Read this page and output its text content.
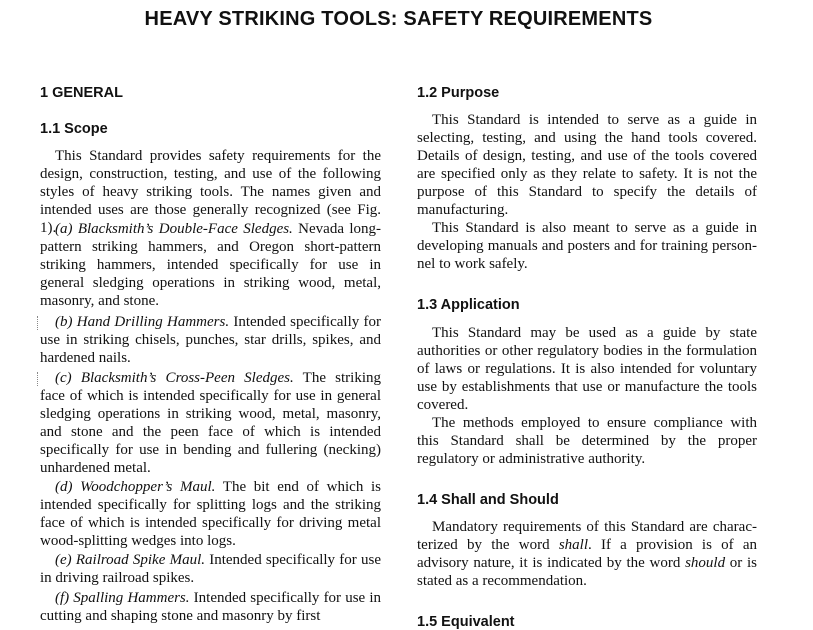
HEAVY STRIKING TOOLS: SAFETY REQUIREMENTS
1 GENERAL
1.1 Scope

This Standard provides safety requirements for the design, construction, testing, and use of the following styles of heavy striking tools. The names given and intended uses are those generally recognized (see Fig. 1).

(a) Blacksmith’s Double-Face Sledges. Nevada long-pattern striking hammers, and Oregon short-pattern striking hammers, intended specifically for use in general sledging operations in striking wood, metal, masonry, and stone.

(b) Hand Drilling Hammers. Intended specifically for use in striking chisels, punches, star drills, spikes, and hardened nails.

(c) Blacksmith’s Cross-Peen Sledges. The striking face of which is intended specifically for use in general sledging operations in striking wood, metal, masonry, and stone and the peen face of which is intended specifically for use in bending and fullering (necking) unhardened metal.

(d) Woodchopper’s Maul. The bit end of which is intended specifically for splitting logs and the striking face of which is intended specifically for driving metal wood-splitting wedges into logs.

(e) Railroad Spike Maul. Intended specifically for use in driving railroad spikes.

(f) Spalling Hammers. Intended specifically for use in cutting and shaping stone and masonry by first

1.2 Purpose

This Standard is intended to serve as a guide in selecting, testing, and using the hand tools covered. Details of design, testing, and use of the tools covered are specified only as they relate to safety. It is not the purpose of this Standard to specify the details of manufacturing.

This Standard is also meant to serve as a guide in developing manuals and posters and for training person-nel to work safely.

1.3 Application

This Standard may be used as a guide by state authorities or other regulatory bodies in the formulation of laws or regulations. It is also intended for voluntary use by establishments that use or manufacture the tools covered.

The methods employed to ensure compliance with this Standard shall be determined by the proper regulatory or administrative authority.

1.4 Shall and Should

Mandatory requirements of this Standard are charac-terized by the word shall. If a provision is of an advisory nature, it is indicated by the word should or is stated as a recommendation.

1.5 Equivalent
